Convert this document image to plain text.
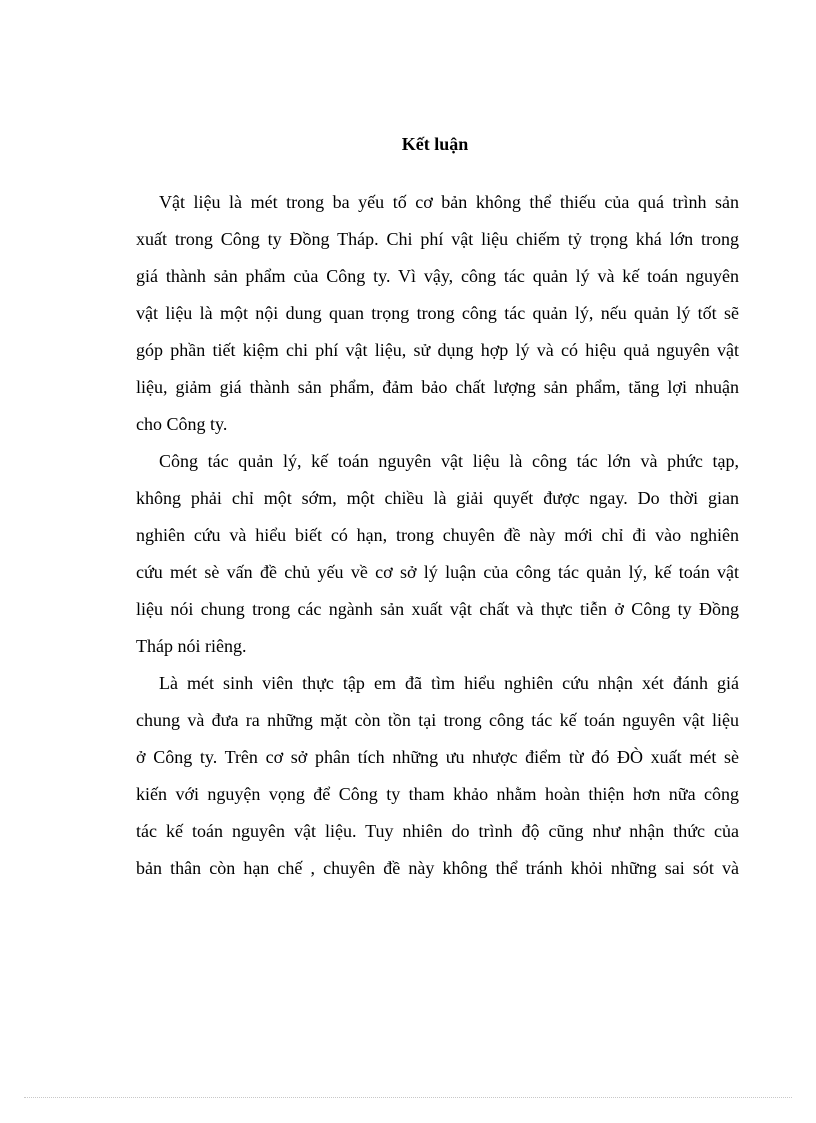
Kết luận
Vật liệu là mét trong ba yếu tố cơ bản không thể thiếu của quá trình sản
xuất trong Công ty Đồng Tháp. Chi phí vật liệu chiếm tỷ trọng khá lớn trong
giá thành sản phẩm của Công ty. Vì vậy, công tác quản lý và kế toán nguyên
vật liệu là một nội dung quan trọng trong công tác quản lý, nếu quản lý tốt sẽ
góp phần tiết kiệm chi phí vật liệu, sử dụng hợp lý và có hiệu quả nguyên vật
liệu, giảm giá thành sản phẩm, đảm bảo chất lượng sản phẩm, tăng lợi nhuận
cho Công ty.
Công tác quản lý, kế toán nguyên vật liệu là công tác lớn và phức tạp,
không phải chỉ một sớm, một chiều là giải quyết được ngay. Do thời gian
nghiên cứu và hiểu biết có hạn, trong chuyên đề này mới chỉ đi vào nghiên
cứu mét sè vấn đề chủ yếu về cơ sở lý luận của công tác quản lý, kế toán vật
liệu nói chung trong các ngành sản xuất vật chất và thực tiễn ở Công ty Đồng
Tháp nói riêng.
Là mét sinh viên thực tập em đã tìm hiểu nghiên cứu nhận xét đánh giá
chung và đưa ra những mặt còn tồn tại trong công tác kế toán nguyên vật liệu
ở Công ty. Trên cơ sở phân tích những ưu nhược điểm từ đó ĐÒ xuất mét sè
kiến với nguyện vọng để Công ty tham khảo nhằm hoàn thiện hơn nữa công
tác kế toán nguyên vật liệu. Tuy nhiên do trình độ cũng như nhận thức của
bản thân còn hạn chế , chuyên đề này không thể tránh khỏi những sai sót và
